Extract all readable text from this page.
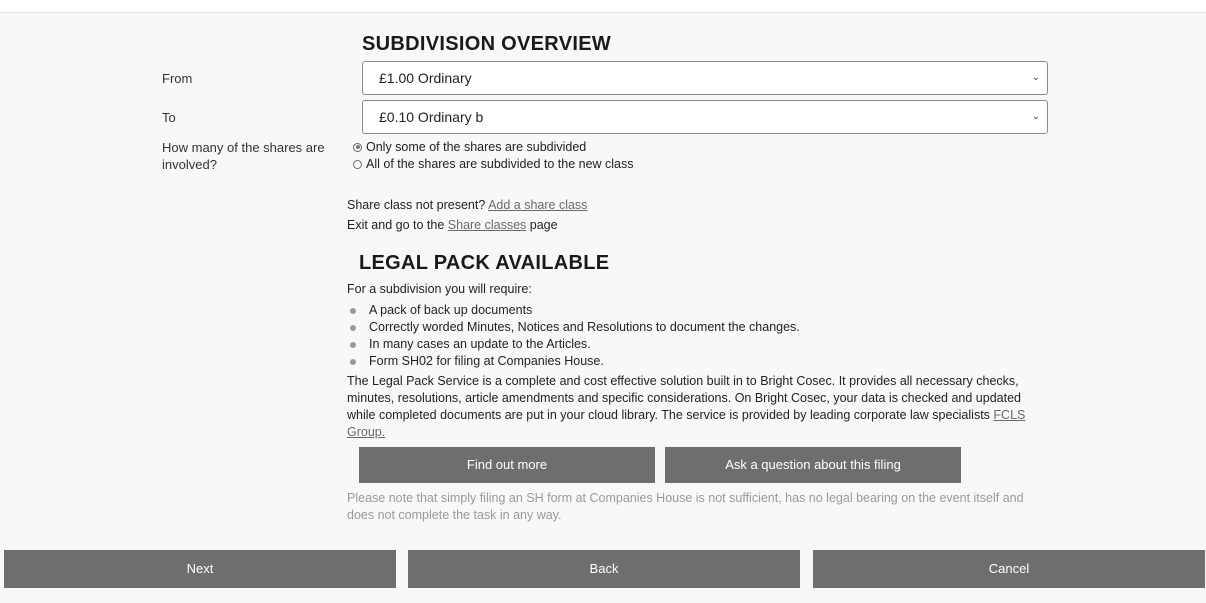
SUBDIVISION OVERVIEW
From	£1.00 Ordinary	⌄
To	£0.10 Ordinary b	⌄
How many of the shares are involved?
Only some of the shares are subdivided
All of the shares are subdivided to the new class
Share class not present? Add a share class
Exit and go to the Share classes page
LEGAL PACK AVAILABLE
For a subdivision you will require:
A pack of back up documents
Correctly worded Minutes, Notices and Resolutions to document the changes.
In many cases an update to the Articles.
Form SH02 for filing at Companies House.
The Legal Pack Service is a complete and cost effective solution built in to Bright Cosec. It provides all necessary checks, minutes, resolutions, article amendments and specific considerations. On Bright Cosec, your data is checked and updated while completed documents are put in your cloud library. The service is provided by leading corporate law specialists FCLS Group.
Find out more	Ask a question about this filing
Please note that simply filing an SH form at Companies House is not sufficient, has no legal bearing on the event itself and does not complete the task in any way.
Next	Back	Cancel
